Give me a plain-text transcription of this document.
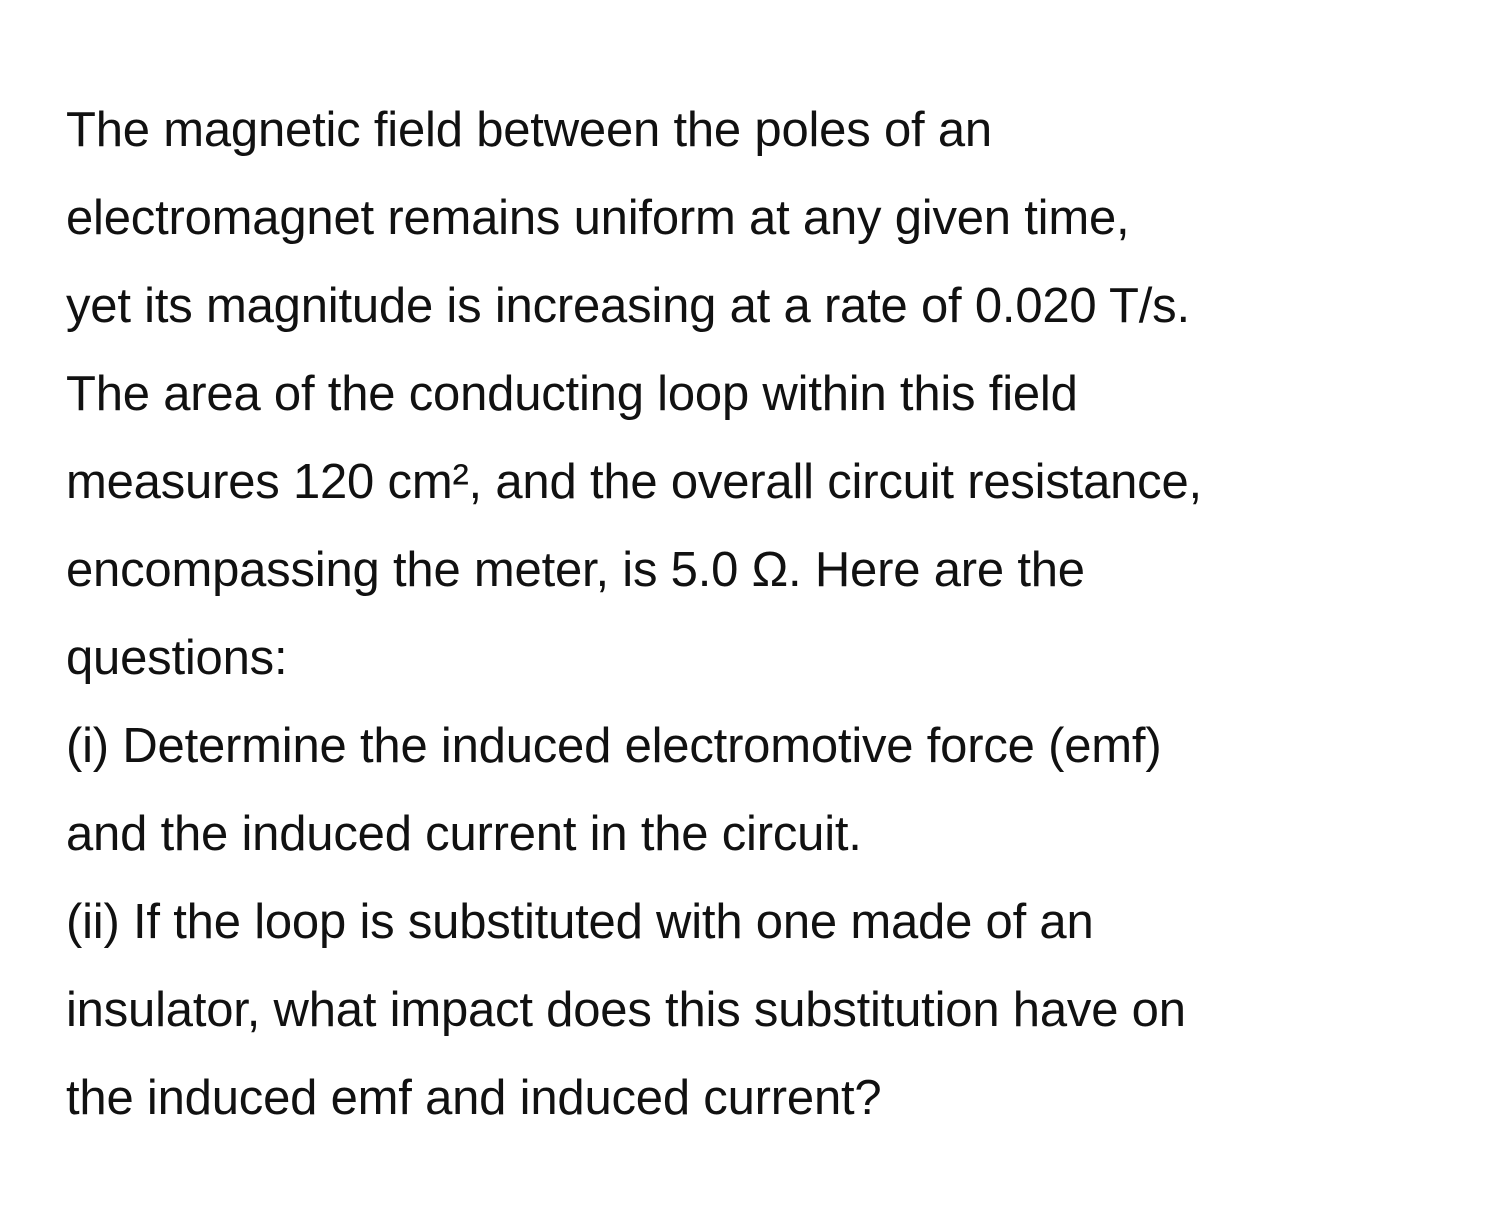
The magnetic field between the poles of an
electromagnet remains uniform at any given time,
yet its magnitude is increasing at a rate of 0.020 T/s.
The area of the conducting loop within this field
measures 120 cm², and the overall circuit resistance,
encompassing the meter, is 5.0 Ω. Here are the
questions:
(i) Determine the induced electromotive force (emf)
and the induced current in the circuit.
(ii) If the loop is substituted with one made of an
insulator, what impact does this substitution have on
the induced emf and induced current?
